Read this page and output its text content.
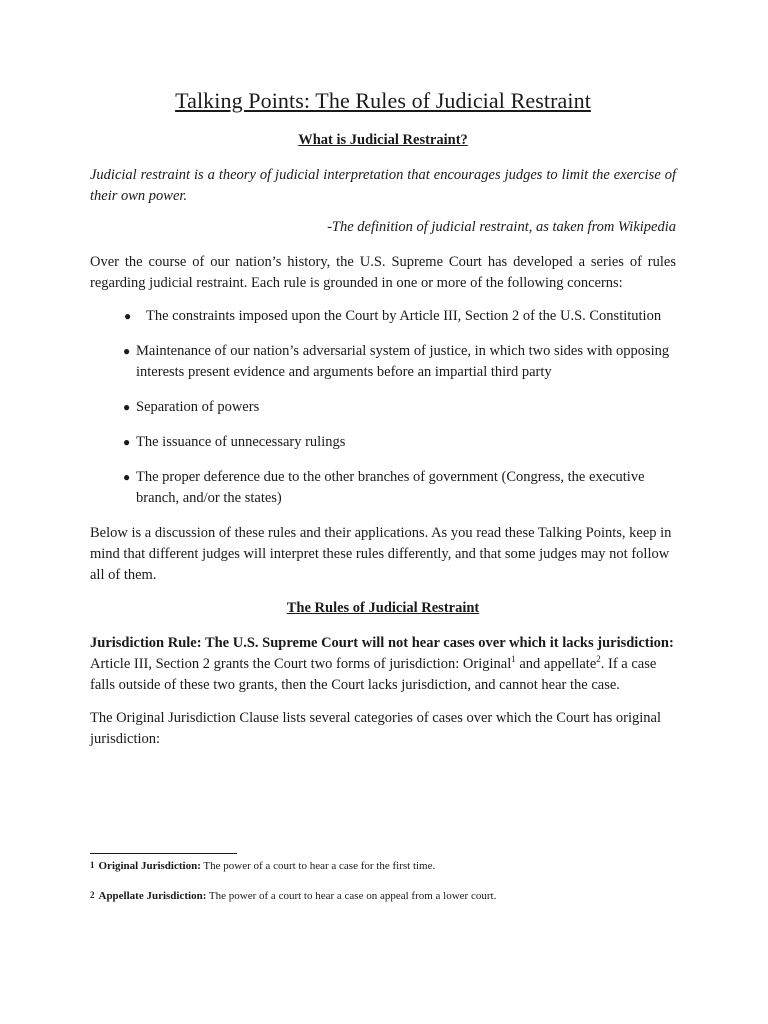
Talking Points: The Rules of Judicial Restraint
What is Judicial Restraint?

Judicial restraint is a theory of judicial interpretation that encourages judges to limit the exercise of their own power.

-The definition of judicial restraint, as taken from Wikipedia

Over the course of our nation’s history, the U.S. Supreme Court has developed a series of rules regarding judicial restraint. Each rule is grounded in one or more of the following concerns:

● The constraints imposed upon the Court by Article III, Section 2 of the U.S. Constitution
● Maintenance of our nation’s adversarial system of justice, in which two sides with opposing interests present evidence and arguments before an impartial third party
● Separation of powers
● The issuance of unnecessary rulings
● The proper deference due to the other branches of government (Congress, the executive branch, and/or the states)

Below is a discussion of these rules and their applications. As you read these Talking Points, keep in mind that different judges will interpret these rules differently, and that some judges may not follow all of them.

The Rules of Judicial Restraint

Jurisdiction Rule: The U.S. Supreme Court will not hear cases over which it lacks jurisdiction: Article III, Section 2 grants the Court two forms of jurisdiction: Original$^1$ and appellate$^2$. If a case falls outside of these two grants, then the Court lacks jurisdiction, and cannot hear the case.

The Original Jurisdiction Clause lists several categories of cases over which the Court has original jurisdiction:

$^1$ Original Jurisdiction: The power of a court to hear a case for the first time.
$^2$ Appellate Jurisdiction: The power of a court to hear a case on appeal from a lower court.
